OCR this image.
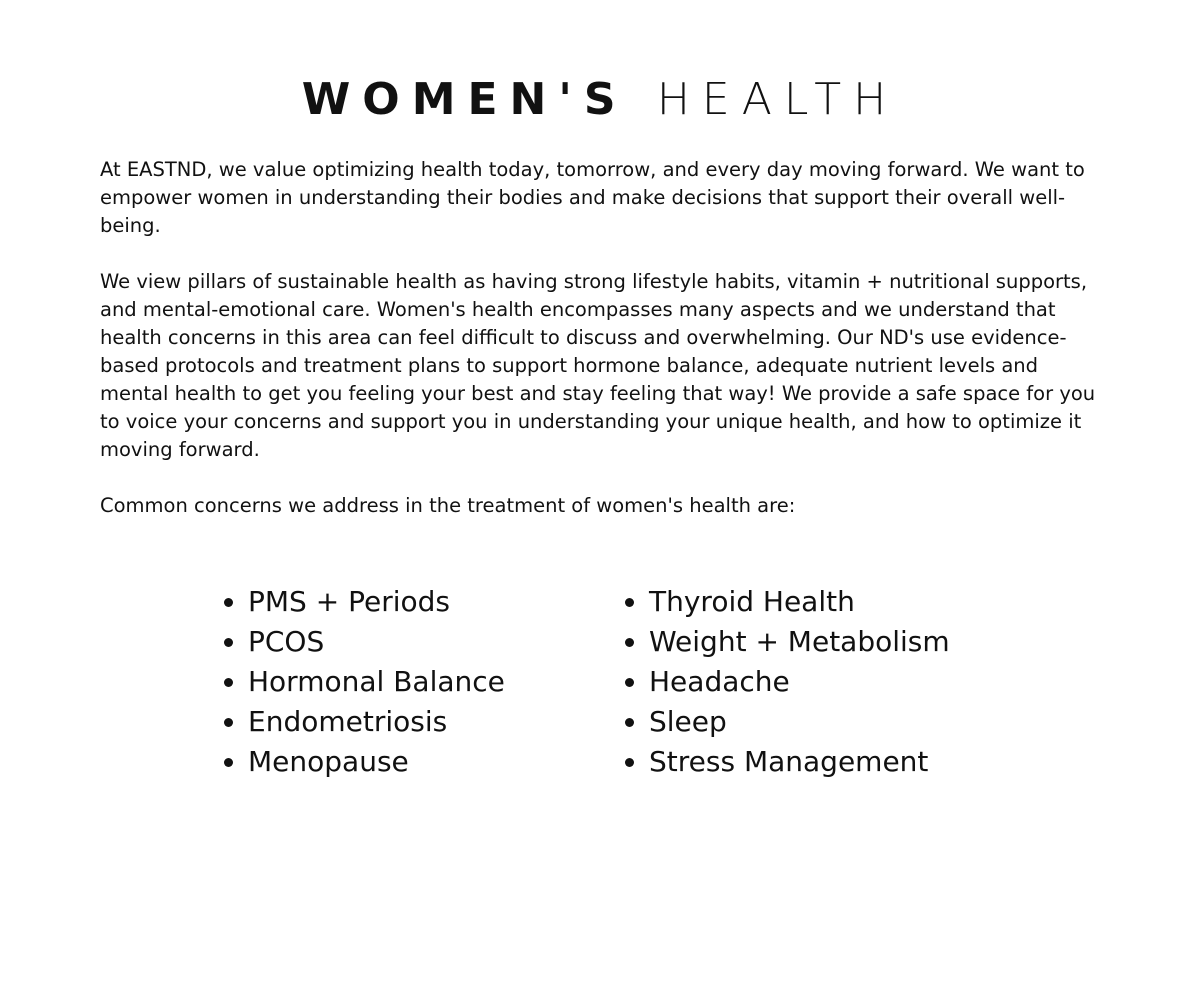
WOMEN'S HEALTH

At EASTND, we value optimizing health today, tomorrow, and every day moving forward. We want to empower women in understanding their bodies and make decisions that support their overall well-being.

We view pillars of sustainable health as having strong lifestyle habits, vitamin + nutritional supports, and mental-emotional care. Women's health encompasses many aspects and we understand that health concerns in this area can feel difficult to discuss and overwhelming. Our ND's use evidence-based protocols and treatment plans to support hormone balance, adequate nutrient levels and mental health to get you feeling your best and stay feeling that way! We provide a safe space for you to voice your concerns and support you in understanding your unique health, and how to optimize it moving forward.

Common concerns we address in the treatment of women's health are:

• PMS + Periods
• PCOS
• Hormonal Balance
• Endometriosis
• Menopause
• Thyroid Health
• Weight + Metabolism
• Headache
• Sleep
• Stress Management
